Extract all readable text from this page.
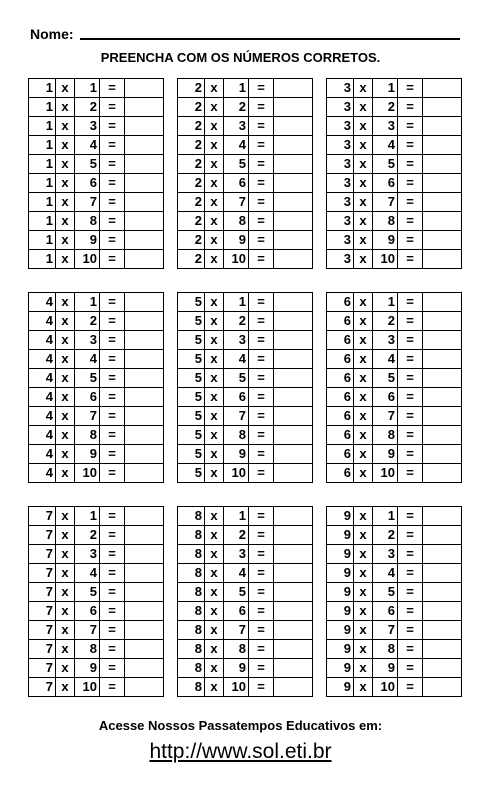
Nome:
PREENCHA COM OS NÚMEROS CORRETOS.
1	x	1	=	
1	x	2	=	
1	x	3	=	
1	x	4	=	
1	x	5	=	
1	x	6	=	
1	x	7	=	
1	x	8	=	
1	x	9	=	
1	x	10	=	
2	x	1	=	
2	x	2	=	
2	x	3	=	
2	x	4	=	
2	x	5	=	
2	x	6	=	
2	x	7	=	
2	x	8	=	
2	x	9	=	
2	x	10	=	
3	x	1	=	
3	x	2	=	
3	x	3	=	
3	x	4	=	
3	x	5	=	
3	x	6	=	
3	x	7	=	
3	x	8	=	
3	x	9	=	
3	x	10	=	
4	x	1	=	
4	x	2	=	
4	x	3	=	
4	x	4	=	
4	x	5	=	
4	x	6	=	
4	x	7	=	
4	x	8	=	
4	x	9	=	
4	x	10	=	
5	x	1	=	
5	x	2	=	
5	x	3	=	
5	x	4	=	
5	x	5	=	
5	x	6	=	
5	x	7	=	
5	x	8	=	
5	x	9	=	
5	x	10	=	
6	x	1	=	
6	x	2	=	
6	x	3	=	
6	x	4	=	
6	x	5	=	
6	x	6	=	
6	x	7	=	
6	x	8	=	
6	x	9	=	
6	x	10	=	
7	x	1	=	
7	x	2	=	
7	x	3	=	
7	x	4	=	
7	x	5	=	
7	x	6	=	
7	x	7	=	
7	x	8	=	
7	x	9	=	
7	x	10	=	
8	x	1	=	
8	x	2	=	
8	x	3	=	
8	x	4	=	
8	x	5	=	
8	x	6	=	
8	x	7	=	
8	x	8	=	
8	x	9	=	
8	x	10	=	
9	x	1	=	
9	x	2	=	
9	x	3	=	
9	x	4	=	
9	x	5	=	
9	x	6	=	
9	x	7	=	
9	x	8	=	
9	x	9	=	
9	x	10	=	
Acesse Nossos Passatempos Educativos em:
http://www.sol.eti.br
